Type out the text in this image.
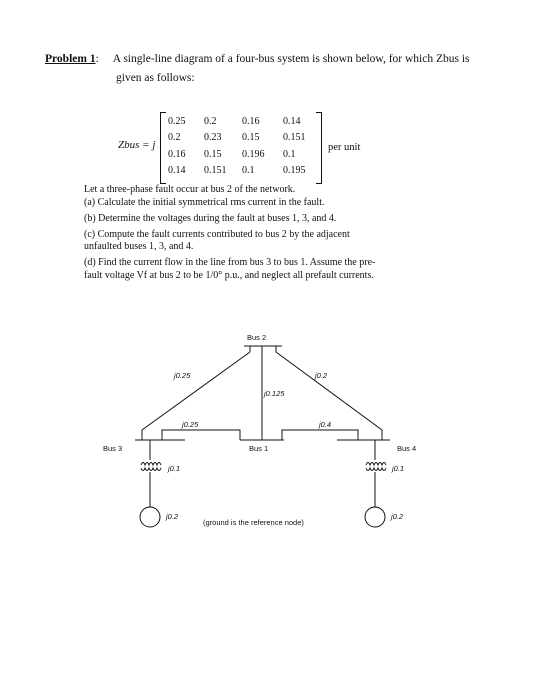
Problem 1: A single-line diagram of a four-bus system is shown below, for which Zbus is
given as follows:
Zbus = j
0.25 0.2	0.16 0.14
0.2 0.23 0.15 0.151
0.16 0.15 0.196 0.1
0.14 0.151 0.1	0.195
per unit
Let a three-phase fault occur at bus 2 of the network.
(a) Calculate the initial symmetrical rms current in the fault.
(b) Determine the voltages during the fault at buses 1, 3, and 4.
(c) Compute the fault currents contributed to bus 2 by the adjacent
unfaulted buses 1, 3, and 4.
(d) Find the current flow in the line from bus 3 to bus 1. Assume the pre-
fault voltage Vf at bus 2 to be 1/0° p.u., and neglect all prefault currents.
Bus 2
Bus 1
Bus 3	Bus 4
j0.25	j0.2
j0.125
j0.25	j0.4
j0.1	j0.1
j0.2	j0.2
(ground is the reference node)
